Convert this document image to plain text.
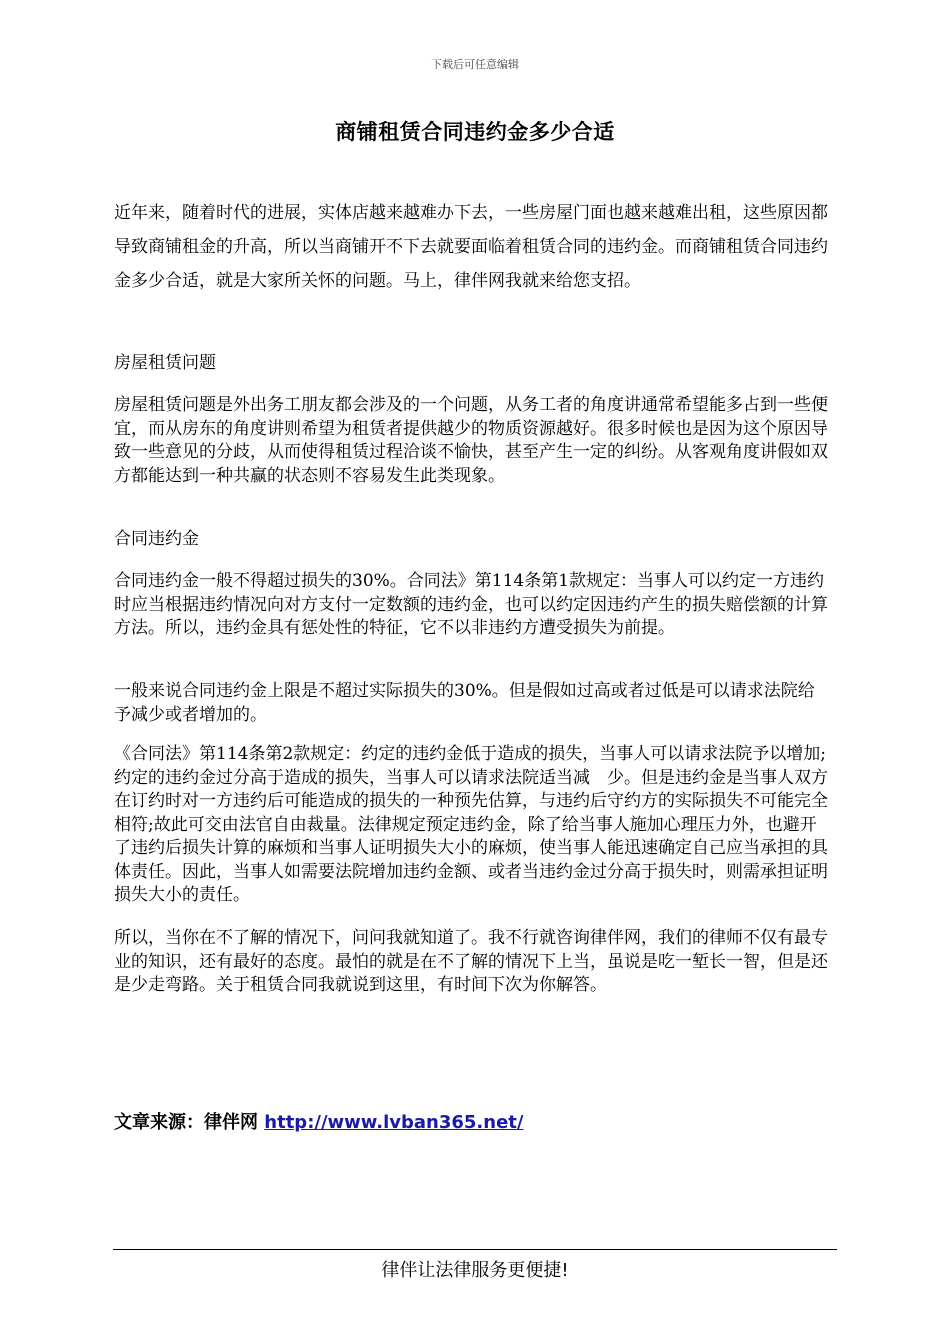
下载后可任意编辑
商铺租赁合同违约金多少合适

近年来，随着时代的进展，实体店越来越难办下去，一些房屋门面也越来越难出租，这些原因都导致商铺租金的升高，所以当商铺开不下去就要面临着租赁合同的违约金。而商铺租赁合同违约金多少合适，就是大家所关怀的问题。马上，律伴网我就来给您支招。

房屋租赁问题

房屋租赁问题是外出务工朋友都会涉及的一个问题，从务工者的角度讲通常希望能多占到一些便宜，而从房东的角度讲则希望为租赁者提供越少的物质资源越好。很多时候也是因为这个原因导致一些意见的分歧，从而使得租赁过程洽谈不愉快，甚至产生一定的纠纷。从客观角度讲假如双方都能达到一种共赢的状态则不容易发生此类现象。

合同违约金

合同违约金一般不得超过损失的30%。合同法》第114条第1款规定：当事人可以约定一方违约时应当根据违约情况向对方支付一定数额的违约金，也可以约定因违约产生的损失赔偿额的计算方法。所以，违约金具有惩处性的特征，它不以非违约方遭受损失为前提。

一般来说合同违约金上限是不超过实际损失的30%。但是假如过高或者过低是可以请求法院给予减少或者增加的。

《合同法》第114条第2款规定：约定的违约金低于造成的损失，当事人可以请求法院予以增加;约定的违约金过分高于造成的损失，当事人可以请求法院适当减　少。但是违约金是当事人双方在订约时对一方违约后可能造成的损失的一种预先估算，与违约后守约方的实际损失不可能完全相符;故此可交由法官自由裁量。法律规定预定违约金，除了给当事人施加心理压力外，也避开了违约后损失计算的麻烦和当事人证明损失大小的麻烦，使当事人能迅速确定自己应当承担的具体责任。因此，当事人如需要法院增加违约金额、或者当违约金过分高于损失时，则需承担证明损失大小的责任。

所以，当你在不了解的情况下，问问我就知道了。我不行就咨询律伴网，我们的律师不仅有最专业的知识，还有最好的态度。最怕的就是在不了解的情况下上当，虽说是吃一堑长一智，但是还是少走弯路。关于租赁合同我就说到这里，有时间下次为你解答。

文章来源：律伴网 http://www.lvban365.net/
律伴让法律服务更便捷!
